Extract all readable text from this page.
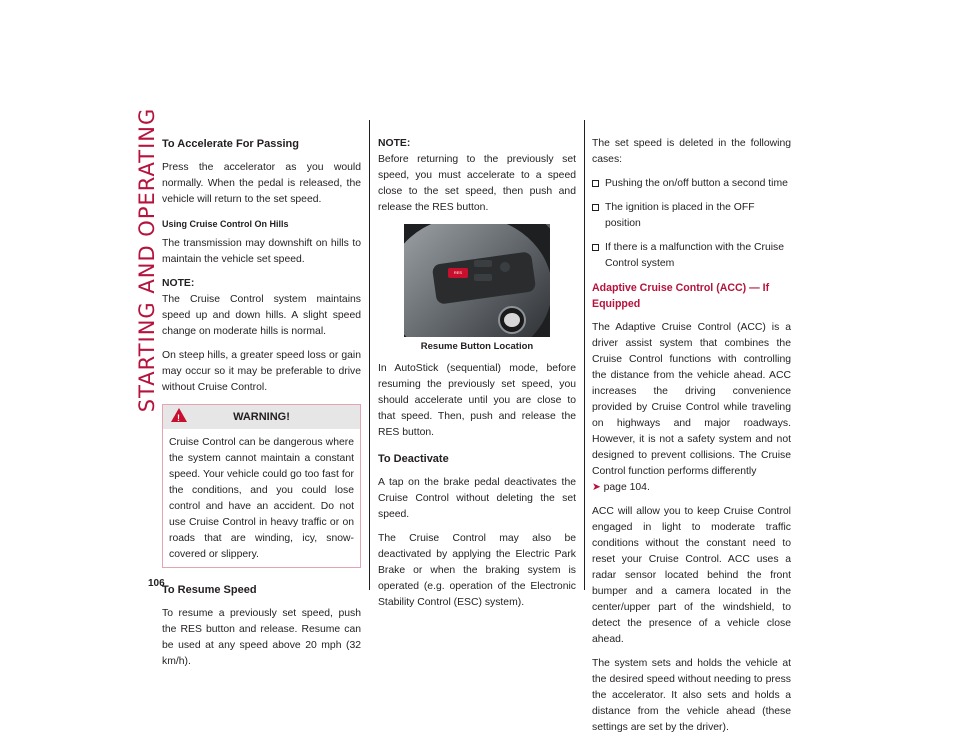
STARTING AND OPERATING To Accelerate For Passing

Press the accelerator as you would normally. When the pedal is released, the vehicle will return to the set speed.

Using Cruise Control On Hills

The transmission may downshift on hills to maintain the vehicle set speed.

NOTE:
The Cruise Control system maintains speed up and down hills. A slight speed change on moderate hills is normal.

On steep hills, a greater speed loss or gain may occur so it may be preferable to drive without Cruise Control.

!
WARNING!

Cruise Control can be dangerous where the system cannot maintain a constant speed. Your vehicle could go too fast for the conditions, and you could lose control and have an accident. Do not use Cruise Control in heavy traffic or on roads that are winding, icy, snow-covered or slippery.

To Resume Speed

To resume a previously set speed, push the RES button and release. Resume can be used at any speed above 20 mph (32 km/h).

NOTE:
Before returning to the previously set speed, you must accelerate to a speed close to the set speed, then push and release the RES button.

RES
Resume Button Location

In AutoStick (sequential) mode, before resuming the previously set speed, you should accelerate until you are close to that speed. Then, push and release the RES button.

To Deactivate

A tap on the brake pedal deactivates the Cruise Control without deleting the set speed.

The Cruise Control may also be deactivated by applying the Electric Park Brake or when the braking system is operated (e.g. operation of the Electronic Stability Control (ESC) system).

The set speed is deleted in the following cases:

Pushing the on/off button a second time
The ignition is placed in the OFF position
If there is a malfunction with the Cruise Control system
Adaptive Cruise Control (ACC) — If Equipped

The Adaptive Cruise Control (ACC) is a driver assist system that combines the Cruise Control functions with controlling the distance from the vehicle ahead. ACC increases the driving convenience provided by Cruise Control while traveling on highways and major roadways. However, it is not a safety system and not designed to prevent collisions. The Cruise Control function performs differently
➤ page 104.

ACC will allow you to keep Cruise Control engaged in light to moderate traffic conditions without the constant need to reset your Cruise Control. ACC uses a radar sensor located behind the front bumper and a camera located in the center/upper part of the windshield, to detect the presence of a vehicle close ahead.

The system sets and holds the vehicle at the desired speed without needing to press the accelerator. It also sets and holds a distance from the vehicle ahead (these settings are set by the driver).

106
